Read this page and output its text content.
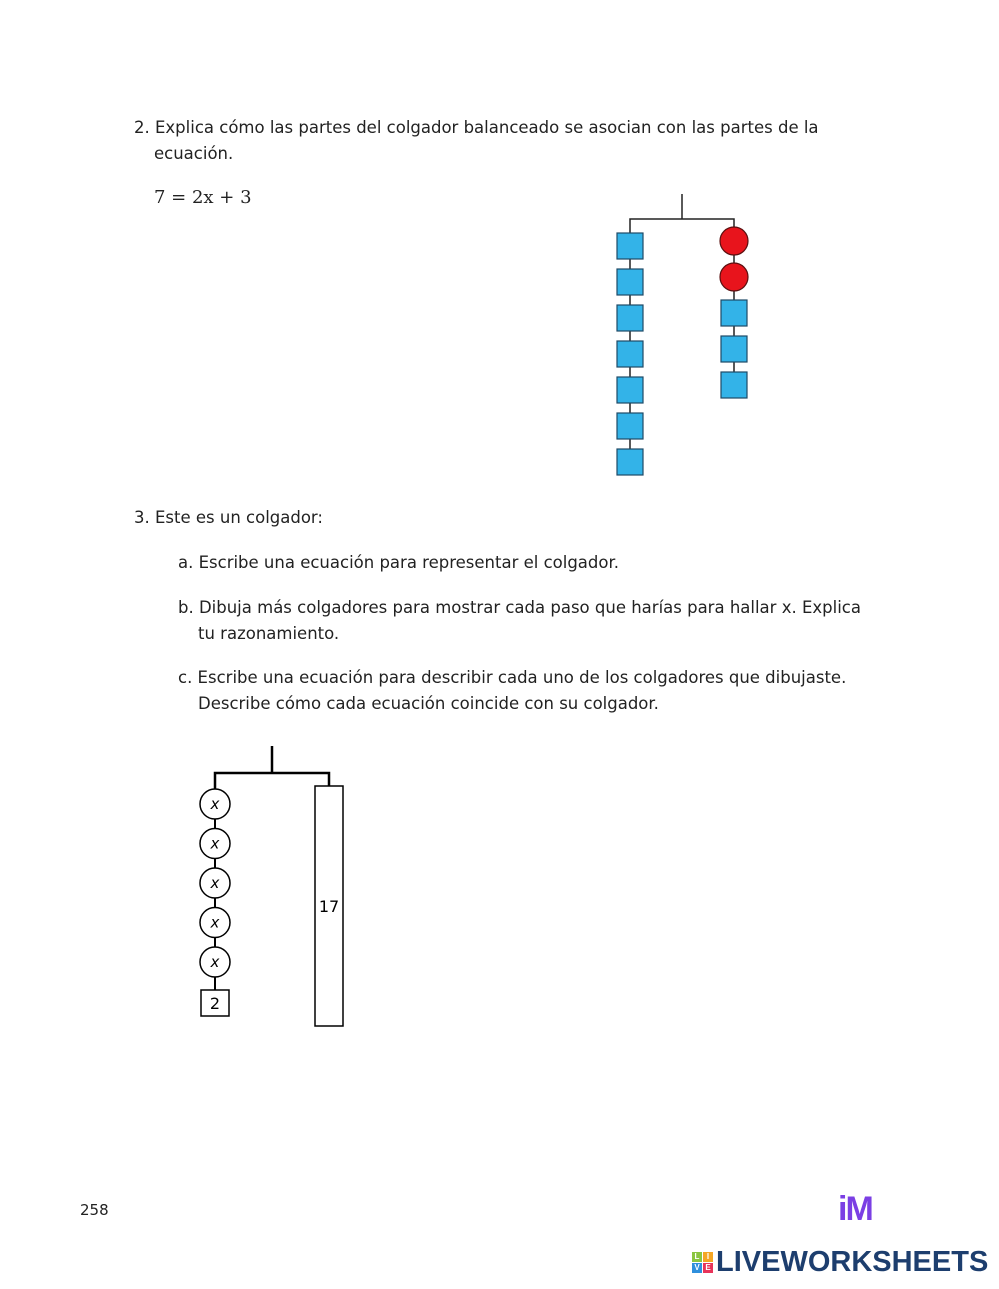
2. Explica cómo las partes del colgador balanceado se asocian con las partes de la
ecuación.
7 = 2x + 3
3. Este es un colgador:
a. Escribe una ecuación para representar el colgador.
b. Dibuja más colgadores para mostrar cada paso que harías para hallar x. Explica
tu razonamiento.
c. Escribe una ecuación para describir cada uno de los colgadores que dibujaste.
Describe cómo cada ecuación coincide con su colgador.
17
2
x
x
x
x
x
258	iM
L I
V E LIVEWORKSHEETS
